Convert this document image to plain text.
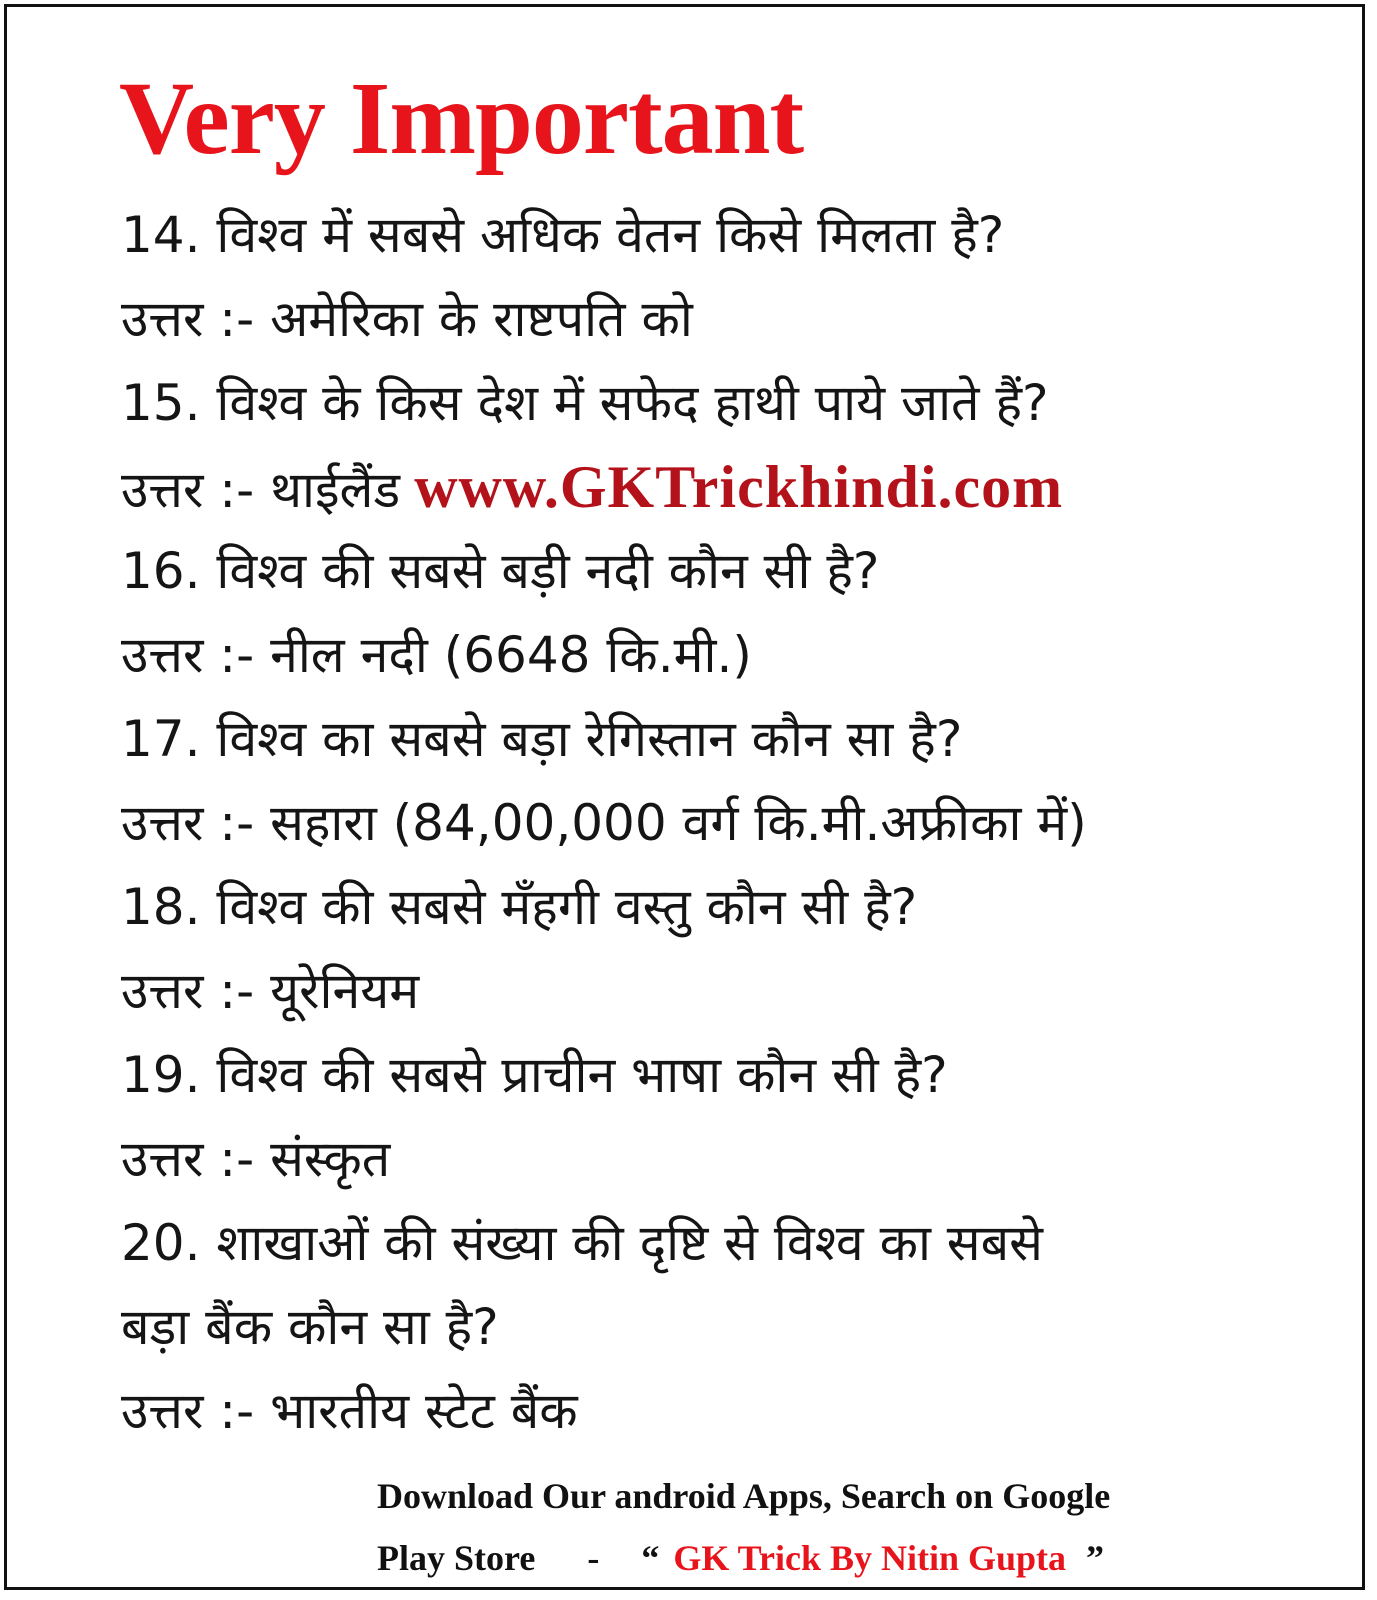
Very Important
14. विश्व में सबसे अधिक वेतन किसे मिलता है?
उत्तर :- अमेरिका के राष्टपति को
15. विश्व के किस देश में सफेद हाथी पाये जाते हैं?
उत्तर :- थाईलैंड www.GKTrickhindi.com
16. विश्व की सबसे बड़ी नदी कौन सी है?
उत्तर :- नील नदी (6648 कि.मी.)
17. विश्व का सबसे बड़ा रेगिस्तान कौन सा है?
उत्तर :- सहारा (84,00,000 वर्ग कि.मी.अफ्रीका में)
18. विश्व की सबसे मँहगी वस्तु कौन सी है?
उत्तर :- यूरेनियम
19. विश्व की सबसे प्राचीन भाषा कौन सी है?
उत्तर :- संस्कृत
20. शाखाओं की संख्या की दृष्टि से विश्व का सबसे
बड़ा बैंक कौन सा है?
उत्तर :- भारतीय स्टेट बैंक
Download Our android Apps, Search on Google
Play Store - “ GK Trick By Nitin Gupta ”
